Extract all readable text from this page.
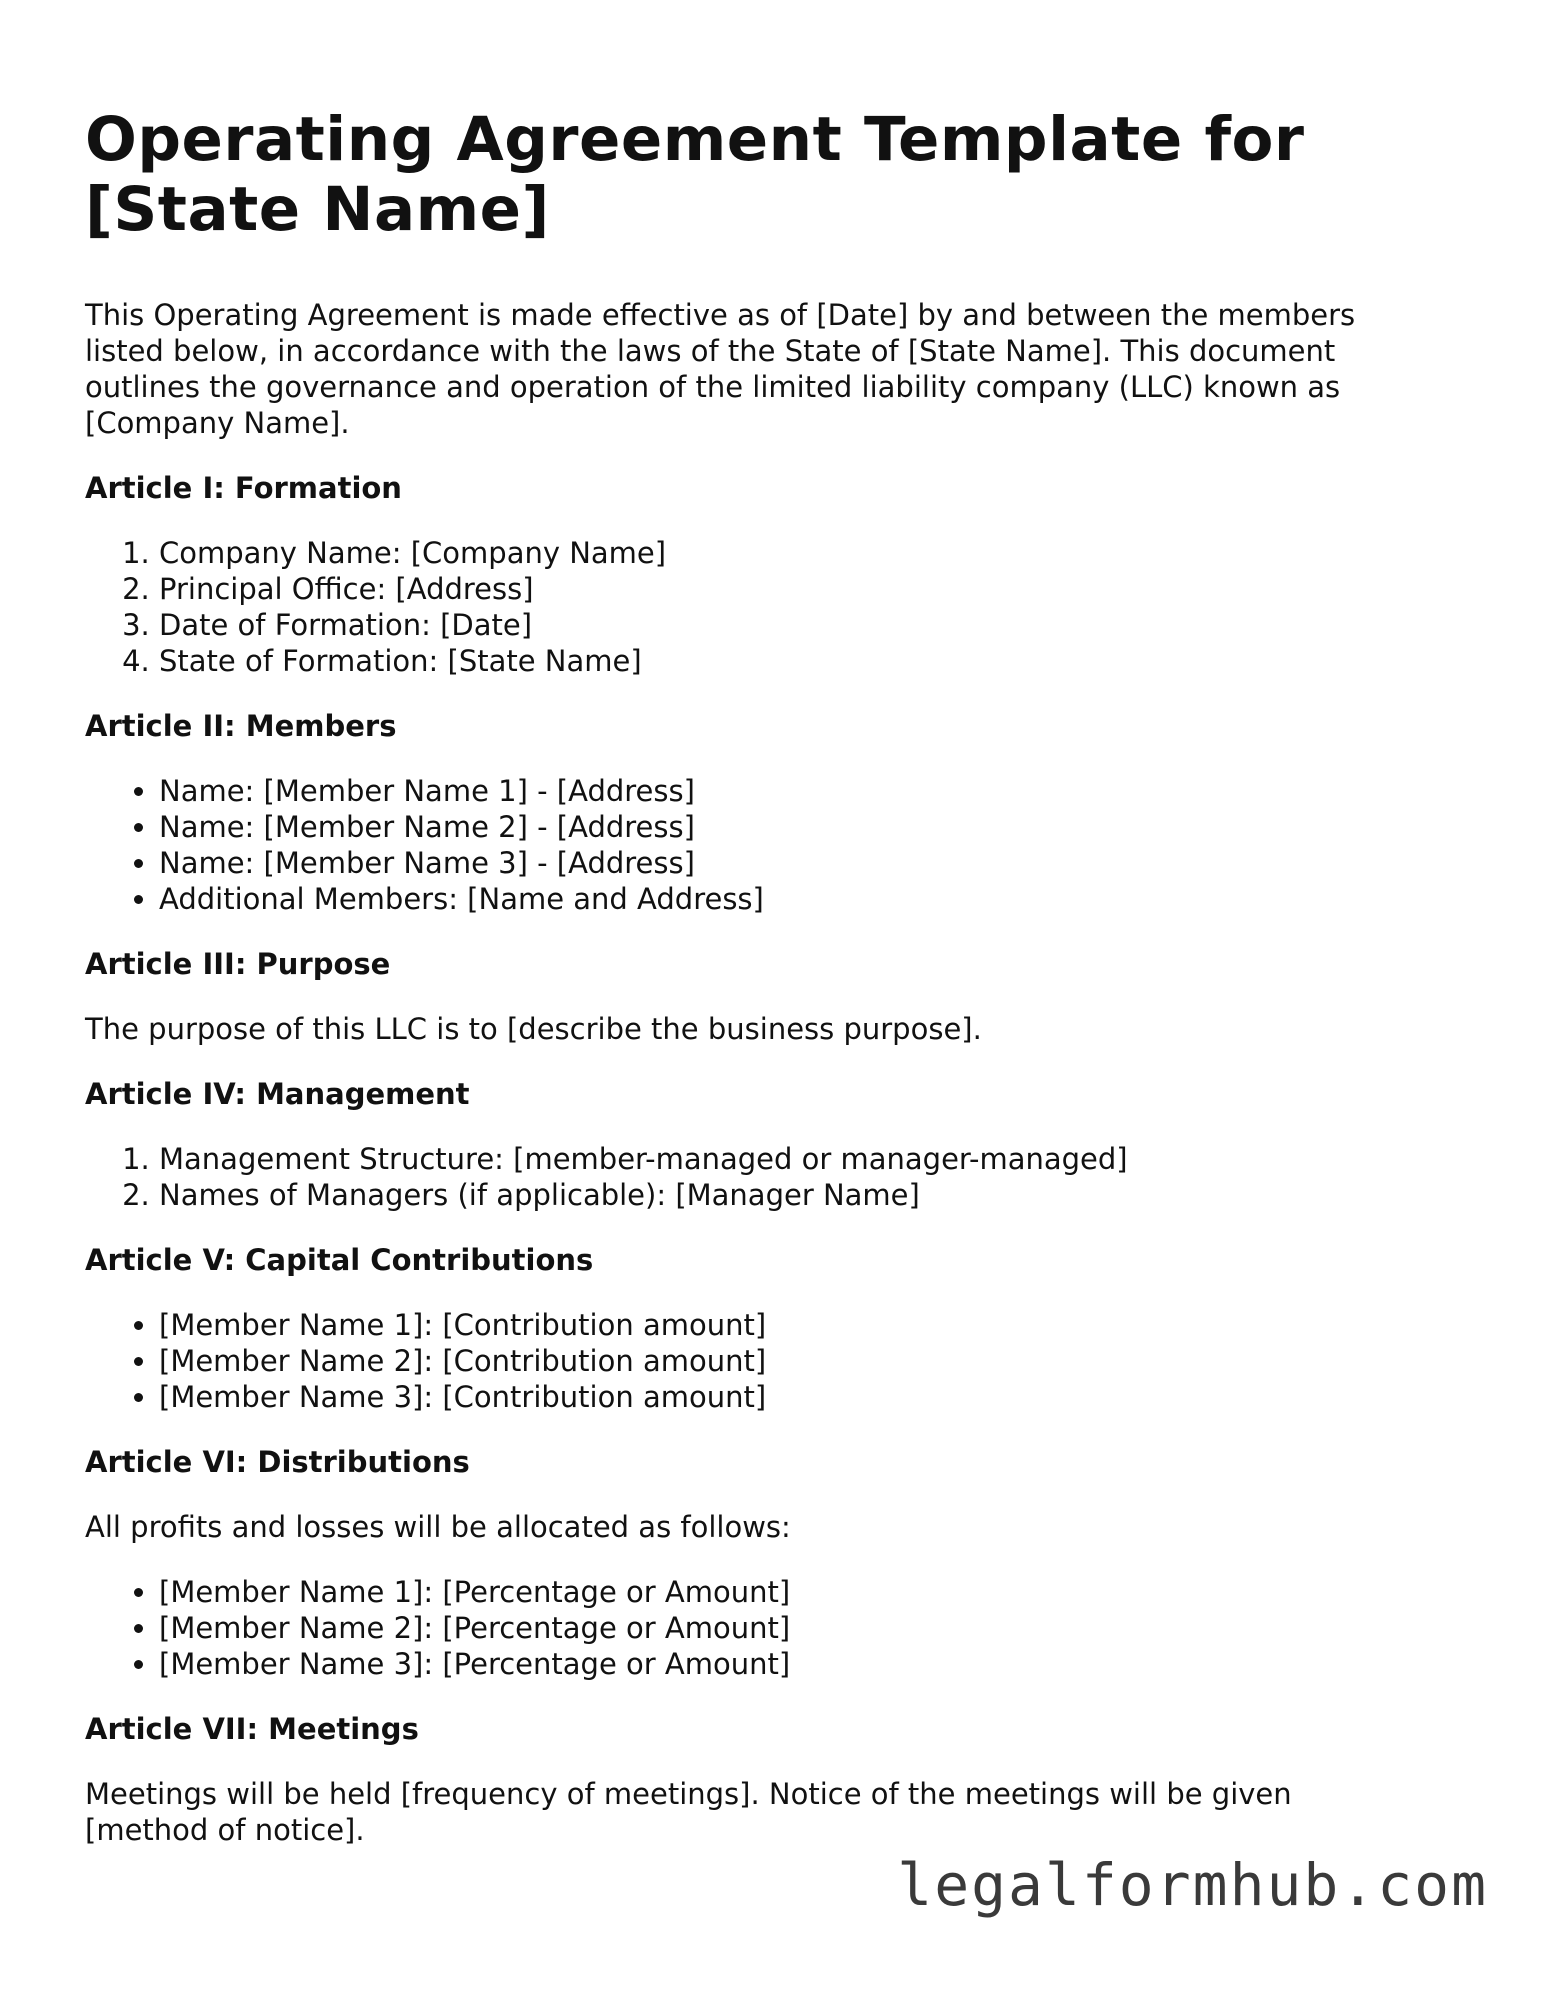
Operating Agreement Template for [State Name]

This Operating Agreement is made effective as of [Date] by and between the members listed below, in accordance with the laws of the State of [State Name]. This document outlines the governance and operation of the limited liability company (LLC) known as [Company Name].

Article I: Formation
1. Company Name: [Company Name]
2. Principal Office: [Address]
3. Date of Formation: [Date]
4. State of Formation: [State Name]
Article II: Members
• Name: [Member Name 1] - [Address]
• Name: [Member Name 2] - [Address]
• Name: [Member Name 3] - [Address]
• Additional Members: [Name and Address]
Article III: Purpose

The purpose of this LLC is to [describe the business purpose].

Article IV: Management
1. Management Structure: [member-managed or manager-managed]
2. Names of Managers (if applicable): [Manager Name]
Article V: Capital Contributions
• [Member Name 1]: [Contribution amount]
• [Member Name 2]: [Contribution amount]
• [Member Name 3]: [Contribution amount]
Article VI: Distributions

All profits and losses will be allocated as follows:

• [Member Name 1]: [Percentage or Amount]
• [Member Name 2]: [Percentage or Amount]
• [Member Name 3]: [Percentage or Amount]
Article VII: Meetings

Meetings will be held [frequency of meetings]. Notice of the meetings will be given [method of notice].

legalformhub.com
